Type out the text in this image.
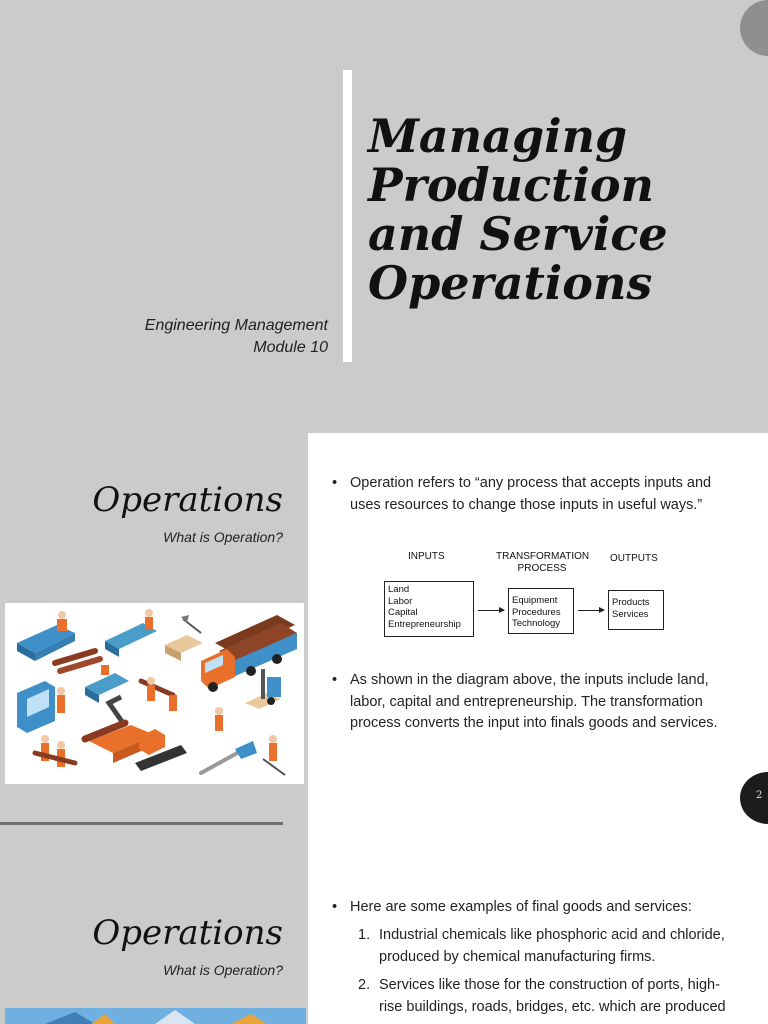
Managing Production and Service Operations
Engineering Management
Module 10
Operations
What is Operation?
• Operation refers to “any process that accepts inputs and uses resources to change those inputs in useful ways.”
INPUTS	TRANSFORMATION
PROCESS
OUTPUTS
Land
Labor
Capital
Entrepreneurship
Equipment
Procedures
Technology
Products
Services
• As shown in the diagram above, the inputs include land, labor, capital and entrepreneurship. The transformation process converts the input into finals goods and services.
2
Operations
What is Operation?
• Here are some examples of final goods and services:
1. Industrial chemicals like phosphoric acid and chloride, produced by chemical manufacturing firms.
2. Services like those for the construction of ports, high-rise buildings, roads, bridges, etc. which are produced
